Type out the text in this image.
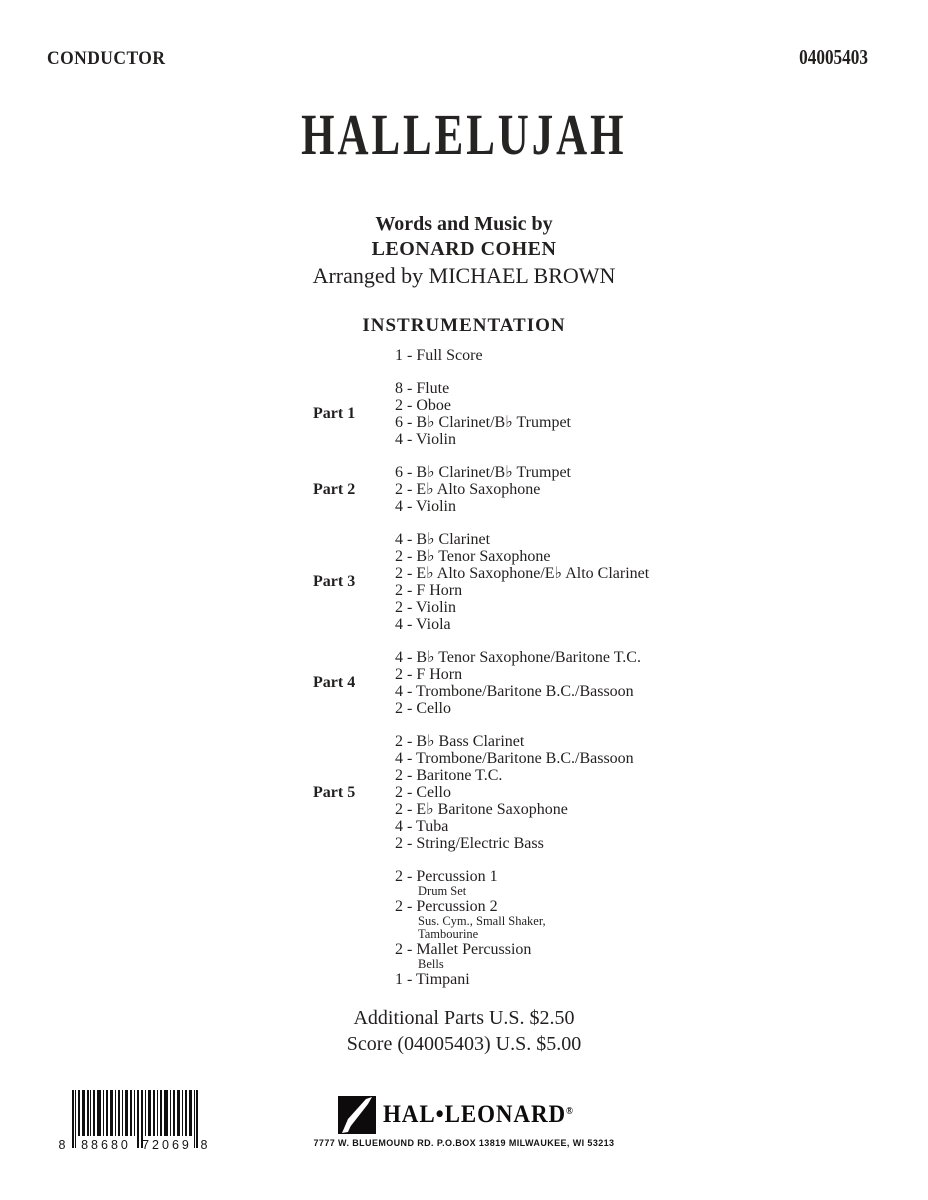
CONDUCTOR	04005403
HALLELUJAH
Words and Music by
LEONARD COHEN
Arranged by MICHAEL BROWN
INSTRUMENTATION
1 - Full Score
Part 1
8 - Flute
2 - Oboe
6 - B♭ Clarinet/B♭ Trumpet
4 - Violin
Part 2
6 - B♭ Clarinet/B♭ Trumpet
2 - E♭ Alto Saxophone
4 - Violin
Part 3
4 - B♭ Clarinet
2 - B♭ Tenor Saxophone
2 - E♭ Alto Saxophone/E♭ Alto Clarinet
2 - F Horn
2 - Violin
4 - Viola
Part 4
4 - B♭ Tenor Saxophone/Baritone T.C.
2 - F Horn
4 - Trombone/Baritone B.C./Bassoon
2 - Cello
Part 5
2 - B♭ Bass Clarinet
4 - Trombone/Baritone B.C./Bassoon
2 - Baritone T.C.
2 - Cello
2 - E♭ Baritone Saxophone
4 - Tuba
2 - String/Electric Bass
2 - Percussion 1
Drum Set
2 - Percussion 2
Sus. Cym., Small Shaker,
Tambourine
2 - Mallet Percussion
Bells
1 - Timpani
Additional Parts U.S. $2.50
Score (04005403) U.S. $5.00
8 88680 72069 8
HAL•LEONARD®
7777 W. BLUEMOUND RD. P.O.BOX 13819 MILWAUKEE, WI 53213
